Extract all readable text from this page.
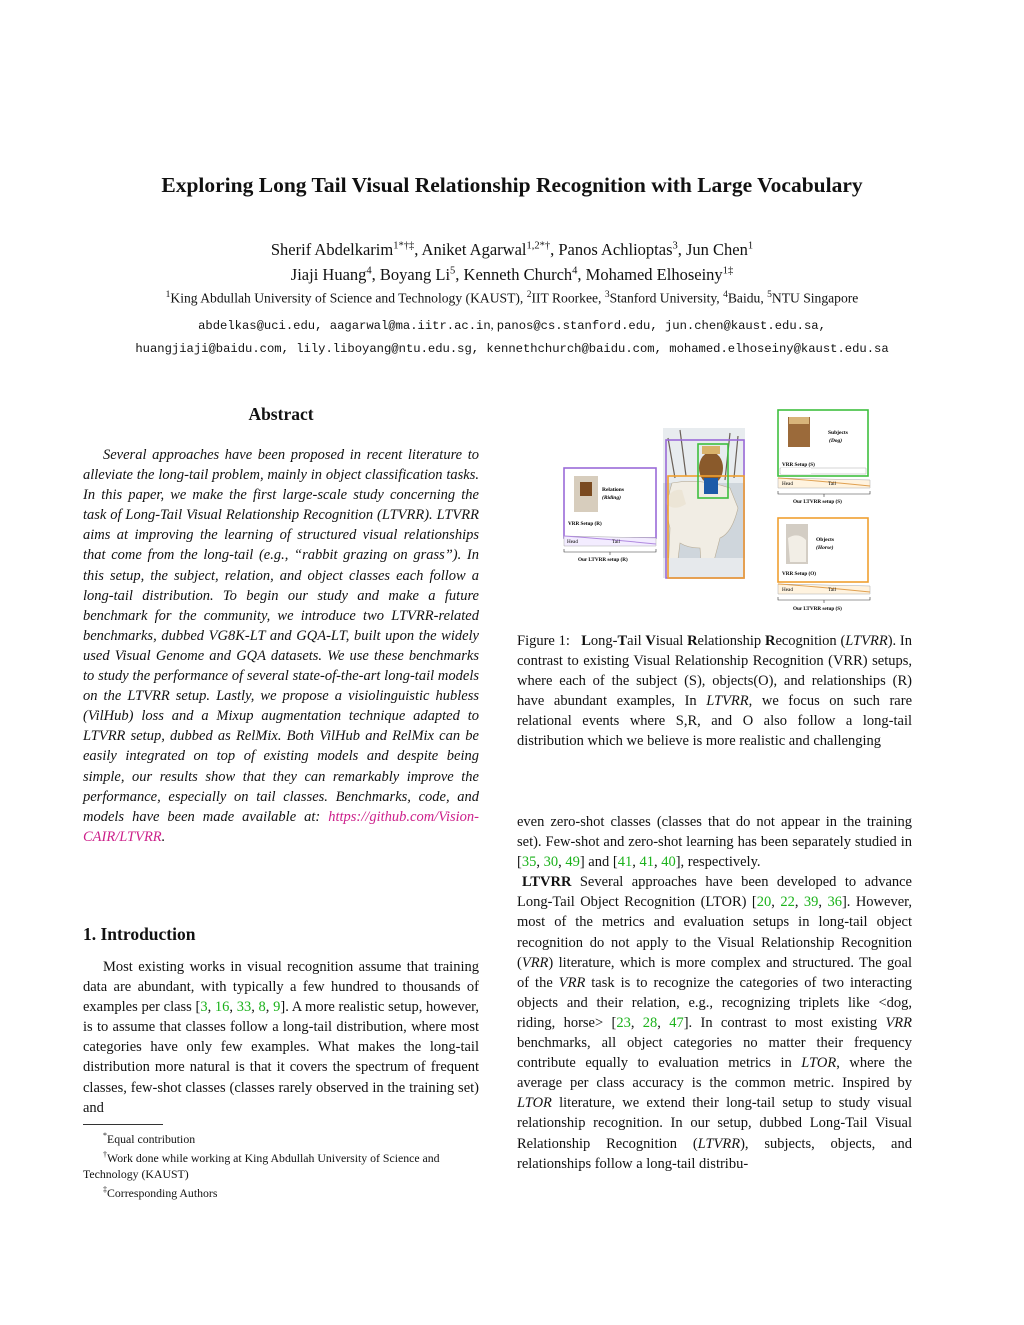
Exploring Long Tail Visual Relationship Recognition with Large Vocabulary
Sherif Abdelkarim$^{1*\dagger\ddagger}$, Aniket Agarwal$^{1,2*\dagger}$, Panos Achlioptas$^3$, Jun Chen$^1$
Jiaji Huang$^4$, Boyang Li$^5$, Kenneth Church$^4$, Mohamed Elhoseiny$^{1\ddagger}$
$^1$King Abdullah University of Science and Technology (KAUST), $^2$IIT Roorkee, $^3$Stanford University, $^4$Baidu, $^5$NTU Singapore
abdelkas@uci.edu, aagarwal@ma.iitr.ac.in, panos@cs.stanford.edu, jun.chen@kaust.edu.sa,
huangjiaji@baidu.com, lily.liboyang@ntu.edu.sg, kennethchurch@baidu.com, mohamed.elhoseiny@kaust.edu.sa
Abstract
Several approaches have been proposed in recent literature to alleviate the long-tail problem, mainly in object classification tasks. In this paper, we make the first large-scale study concerning the task of Long-Tail Visual Relationship Recognition (LTVRR). LTVRR aims at improving the learning of structured visual relationships that come from the long-tail (e.g., “rabbit grazing on grass”). In this setup, the subject, relation, and object classes each follow a long-tail distribution. To begin our study and make a future benchmark for the community, we introduce two LTVRR-related benchmarks, dubbed VG8K-LT and GQA-LT, built upon the widely used Visual Genome and GQA datasets. We use these benchmarks to study the performance of several state-of-the-art long-tail models on the LTVRR setup. Lastly, we propose a visiolinguistic hubless (VilHub) loss and a Mixup augmentation technique adapted to LTVRR setup, dubbed as RelMix. Both VilHub and RelMix can be easily integrated on top of existing models and despite being simple, our results show that they can remarkably improve the performance, especially on tail classes. Benchmarks, code, and models have been made available at: https://github.com/Vision-CAIR/LTVRR.
1. Introduction
Most existing works in visual recognition assume that training data are abundant, with typically a few hundred to thousands of examples per class [3, 16, 33, 8, 9]. A more realistic setup, however, is to assume that classes follow a long-tail distribution, where most categories have only few examples. What makes the long-tail distribution more natural is that it covers the spectrum of frequent classes, few-shot classes (classes rarely observed in the training set) and
*Equal contribution
†Work done while working at King Abdullah University of Science and Technology (KAUST)
‡Corresponding Authors
Subjects
(Dog)
VRR Setup (S)
Head	Tail
Our LTVRR setup (S)
Relations
(Riding)
VRR Setup (R)
Head	Tail
Our LTVRR setup (R)
Objects
(Horse)
VRR Setup (O)
Head	Tail
Our LTVRR setup (S)
Figure 1: Long-Tail Visual Relationship Recognition (LTVRR). In contrast to existing Visual Relationship Recognition (VRR) setups, where each of the subject (S), objects(O), and relationships (R) have abundant examples, In LTVRR, we focus on such rare relational events where S,R, and O also follow a long-tail distribution which we believe is more realistic and challenging
even zero-shot classes (classes that do not appear in the training set). Few-shot and zero-shot learning has been separately studied in [35, 30, 49] and [41, 41, 40], respectively.
LTVRR Several approaches have been developed to advance Long-Tail Object Recognition (LTOR) [20, 22, 39, 36]. However, most of the metrics and evaluation setups in long-tail object recognition do not apply to the Visual Relationship Recognition (VRR) literature, which is more complex and structured. The goal of the VRR task is to recognize the categories of two interacting objects and their relation, e.g., recognizing triplets like <dog, riding, horse> [23, 28, 47]. In contrast to most existing VRR benchmarks, all object categories no matter their frequency contribute equally to evaluation metrics in LTOR, where the average per class accuracy is the common metric. Inspired by LTOR literature, we extend their long-tail setup to study visual relationship recognition. In our setup, dubbed Long-Tail Visual Relationship Recognition (LTVRR), subjects, objects, and relationships follow a long-tail distribu-
